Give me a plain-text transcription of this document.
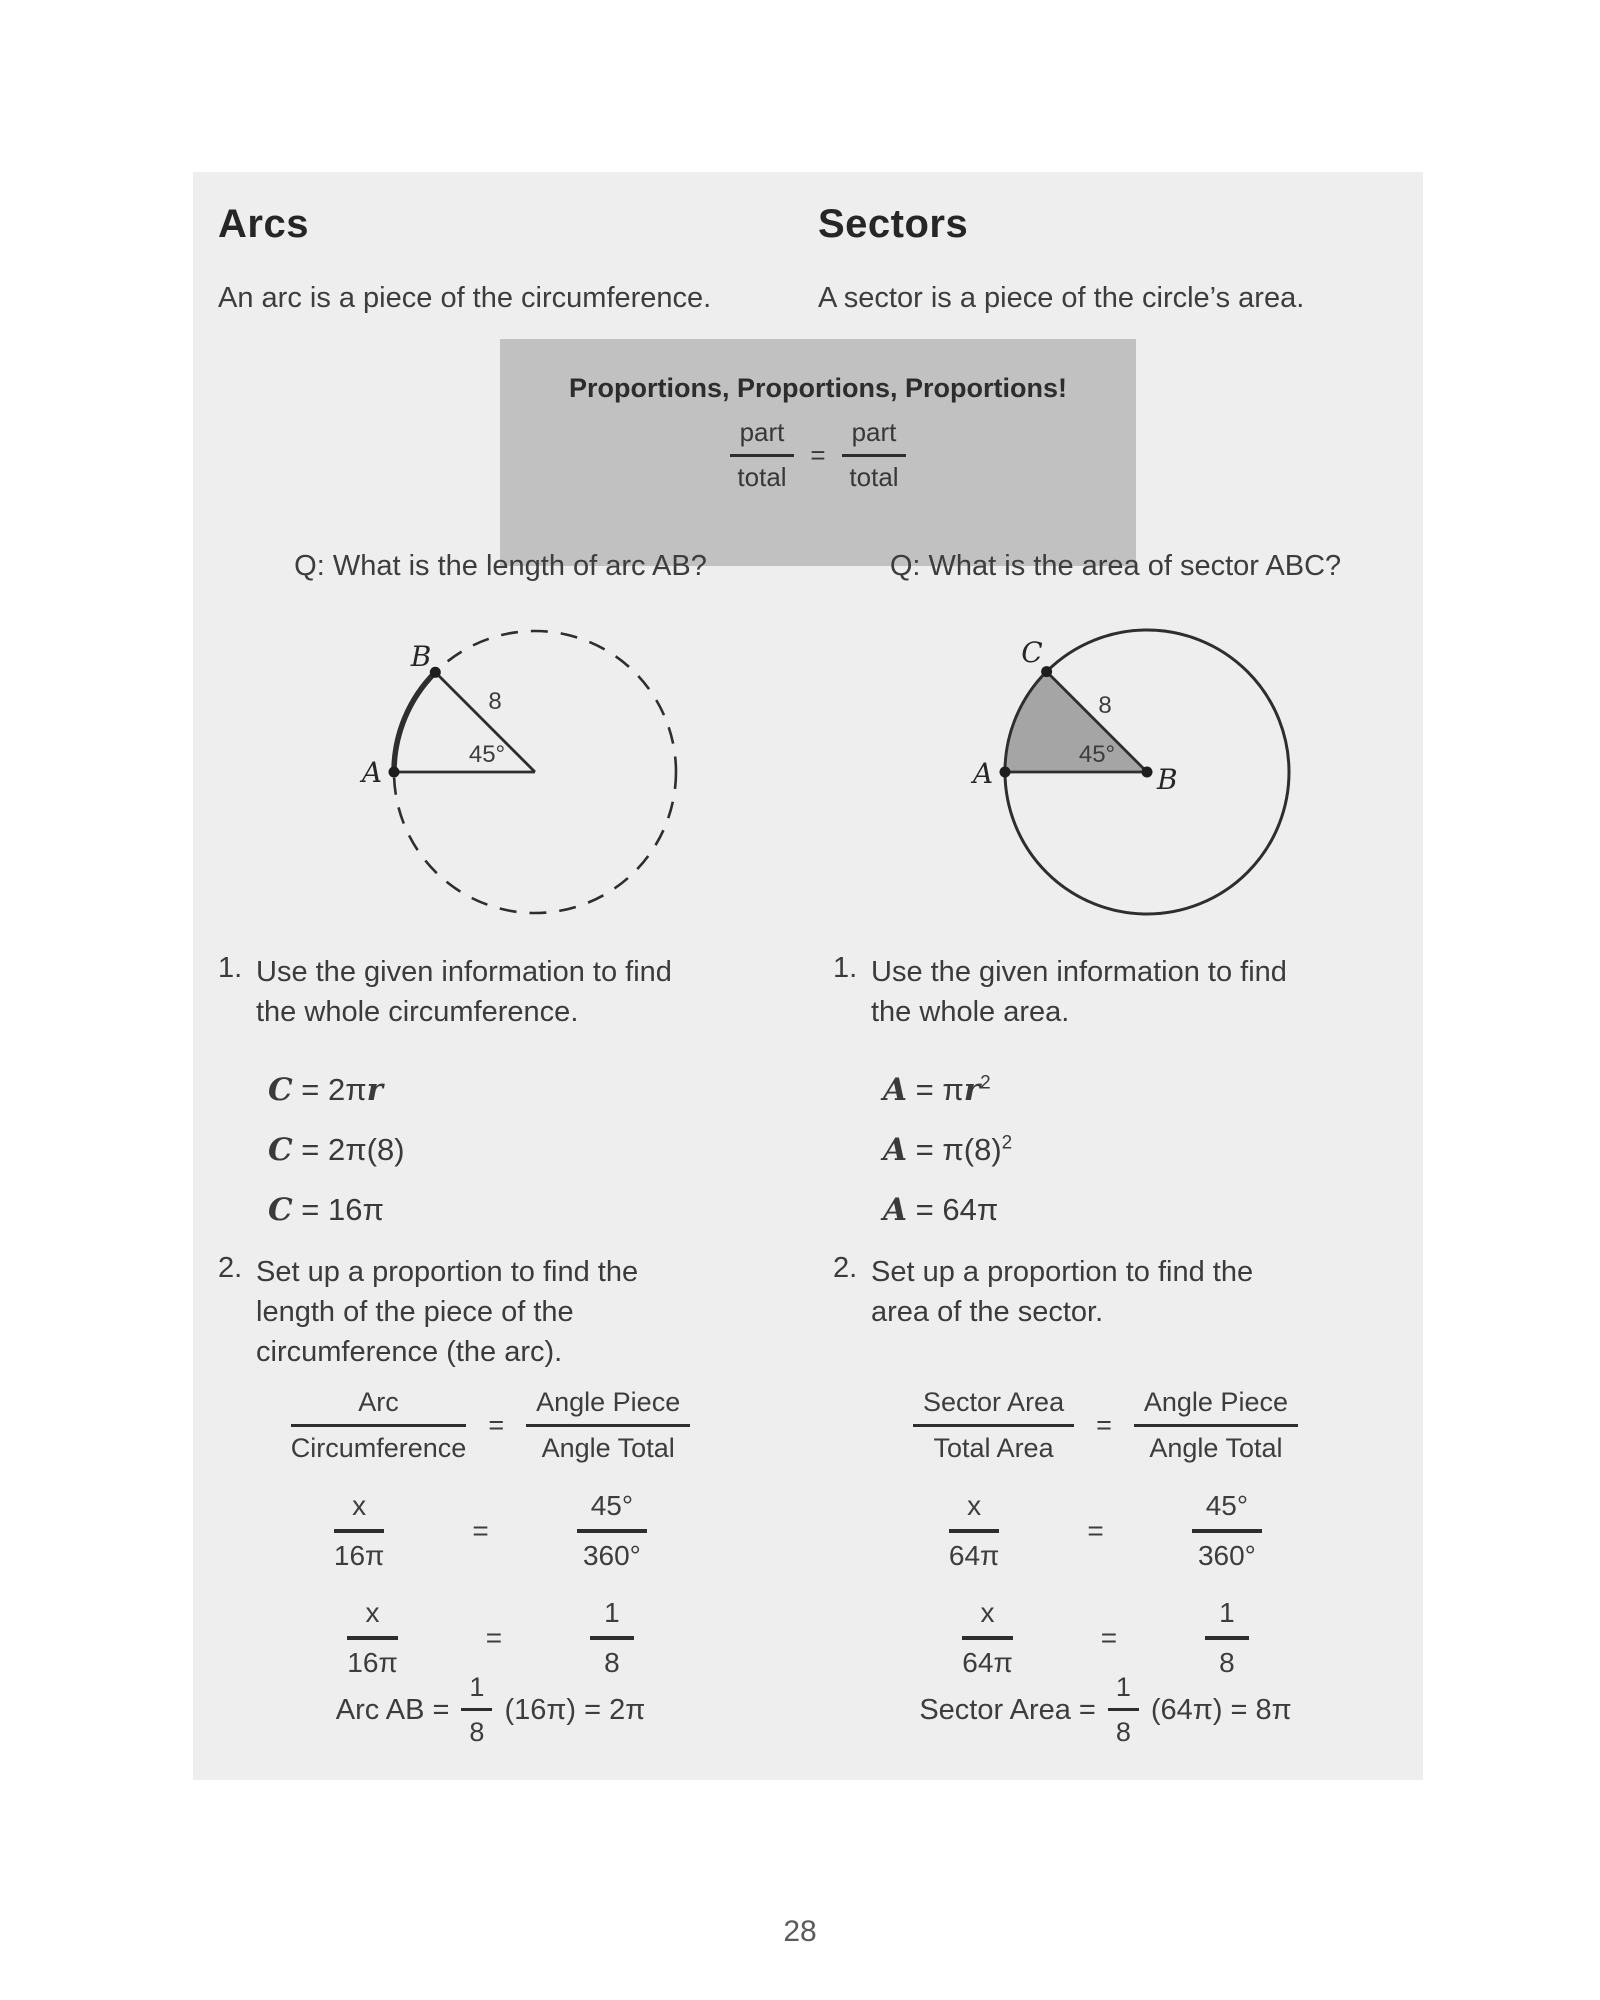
Arcs	Sectors
An arc is a piece of the circumference.	A sector is a piece of the circle’s area.
Proportions, Proportions, Proportions!
$\frac{\text{part}}{\text{total}} = \frac{\text{part}}{\text{total}}$
Q: What is the length of arc AB?	Q: What is the area of sector ABC?
A
B
8
45°
A
C
B
8
45°
1. Use the given information to find
the whole circumference.
1. Use the given information to find
the whole area.
C = 2πr
C = 2π(8)
C = 16π
$A = \pi r^2$
$A = \pi(8)^2$
A = 64π
2. Set up a proportion to find the
length of the piece of the
circumference (the arc).
2. Set up a proportion to find the
area of the sector.
$\frac{\text{Arc}}{\text{Circumference}} = \frac{\text{Angle Piece}}{\text{Angle Total}}$	$\frac{\text{Sector Area}}{\text{Total Area}} = \frac{\text{Angle Piece}}{\text{Angle Total}}$
$\frac{x}{16\pi}$	=	$\frac{45^\circ}{360^\circ}$	$\frac{x}{64\pi}$	=	$\frac{45^\circ}{360^\circ}$
$\frac{x}{16\pi}$	=	$\frac{1}{8}$	$\frac{x}{64\pi}$	=	$\frac{1}{8}$
Arc AB = $\frac{1}{8} (16\pi) = 2\pi$	Sector Area = $\frac{1}{8} (64\pi) = 8\pi$
28
